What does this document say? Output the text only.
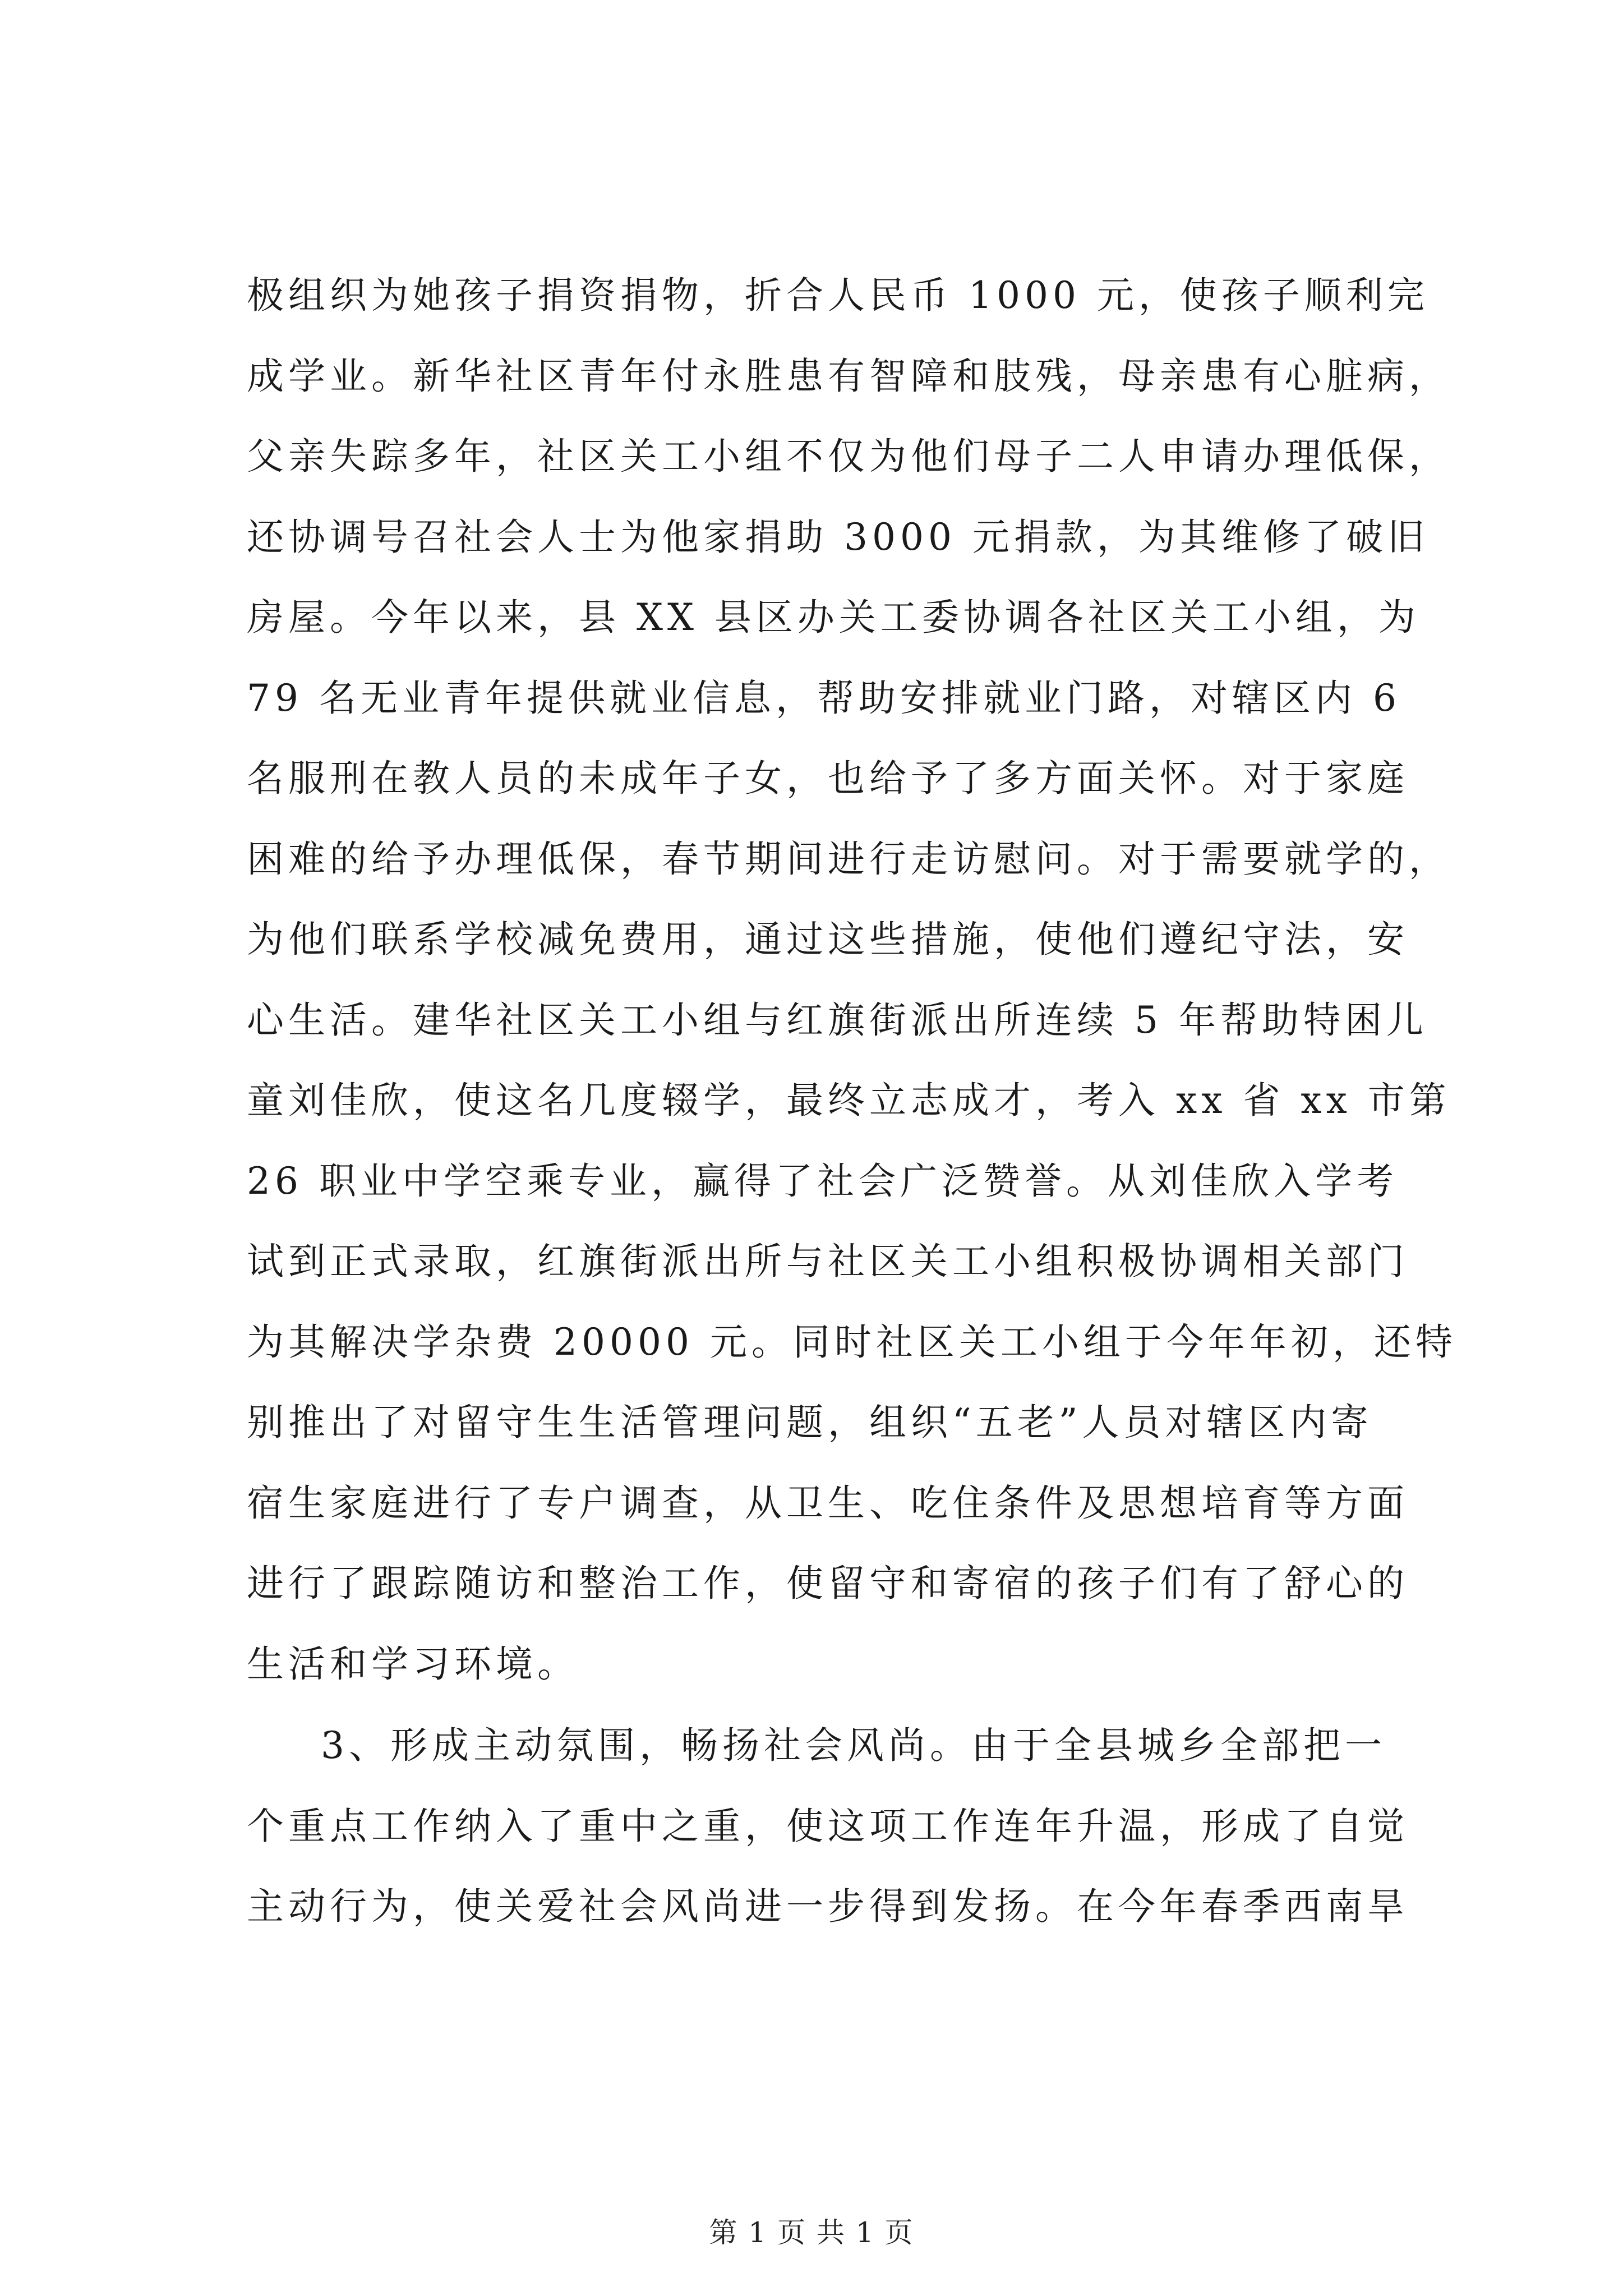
极组织为她孩子捐资捐物，折合人民币 1000 元，使孩子顺利完
成学业。新华社区青年付永胜患有智障和肢残，母亲患有心脏病，
父亲失踪多年，社区关工小组不仅为他们母子二人申请办理低保，
还协调号召社会人士为他家捐助 3000 元捐款，为其维修了破旧
房屋。今年以来，县 XX 县区办关工委协调各社区关工小组，为
79 名无业青年提供就业信息，帮助安排就业门路，对辖区内 6
名服刑在教人员的未成年子女，也给予了多方面关怀。对于家庭
困难的给予办理低保，春节期间进行走访慰问。对于需要就学的，
为他们联系学校减免费用，通过这些措施，使他们遵纪守法，安
心生活。建华社区关工小组与红旗街派出所连续 5 年帮助特困儿
童刘佳欣，使这名几度辍学，最终立志成才，考入 xx 省 xx 市第
26 职业中学空乘专业，赢得了社会广泛赞誉。从刘佳欣入学考
试到正式录取，红旗街派出所与社区关工小组积极协调相关部门
为其解决学杂费 20000 元。同时社区关工小组于今年年初，还特
别推出了对留守生生活管理问题，组织“五老”人员对辖区内寄
宿生家庭进行了专户调查，从卫生、吃住条件及思想培育等方面
进行了跟踪随访和整治工作，使留守和寄宿的孩子们有了舒心的
生活和学习环境。
3、形成主动氛围，畅扬社会风尚。由于全县城乡全部把一
个重点工作纳入了重中之重，使这项工作连年升温，形成了自觉
主动行为，使关爱社会风尚进一步得到发扬。在今年春季西南旱
第 1 页 共 1 页
